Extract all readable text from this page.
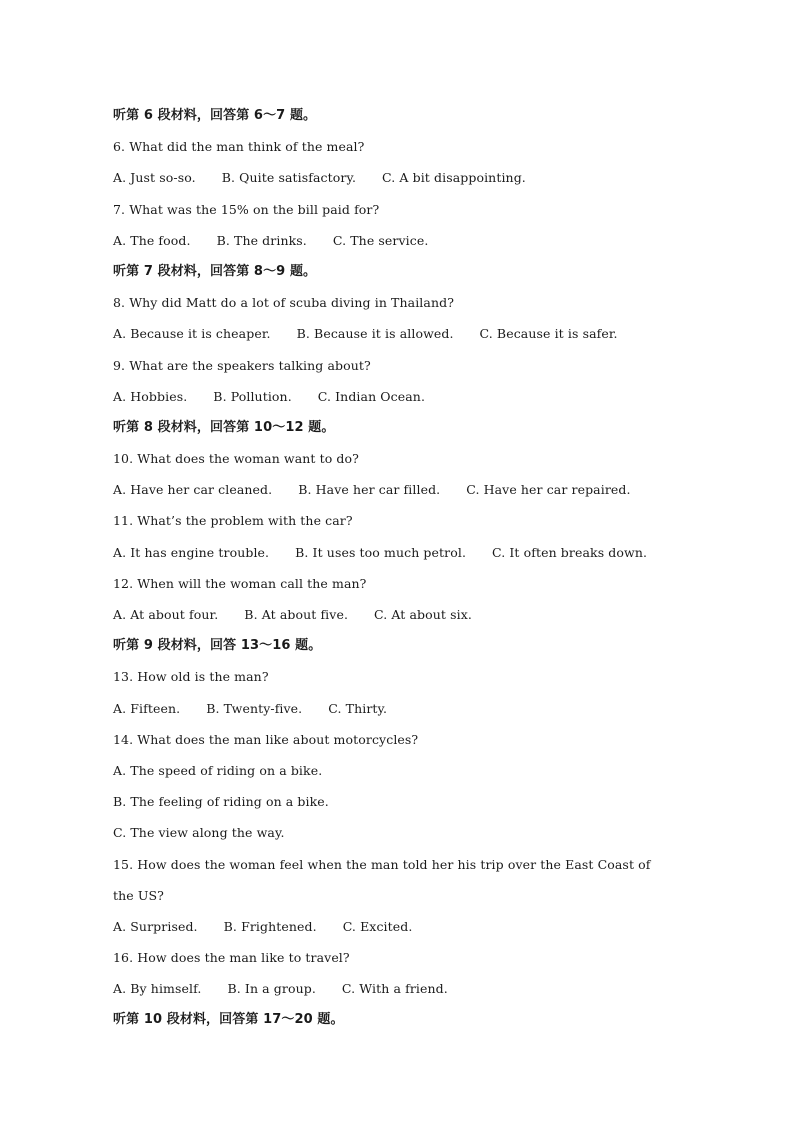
听第 6 段材料，回答第 6～7 题。
6. What did the man think of the meal?
A. Just so-so. B. Quite satisfactory. C. A bit disappointing.
7. What was the 15% on the bill paid for?
A. The food. B. The drinks. C. The service.
听第 7 段材料，回答第 8～9 题。
8. Why did Matt do a lot of scuba diving in Thailand?
A. Because it is cheaper. B. Because it is allowed. C. Because it is safer.
9. What are the speakers talking about?
A. Hobbies. B. Pollution. C. Indian Ocean.
听第 8 段材料，回答第 10～12 题。
10. What does the woman want to do?
A. Have her car cleaned. B. Have her car filled. C. Have her car repaired.
11. What’s the problem with the car?
A. It has engine trouble. B. It uses too much petrol. C. It often breaks down.
12. When will the woman call the man?
A. At about four. B. At about five. C. At about six.
听第 9 段材料，回答 13～16 题。
13. How old is the man?
A. Fifteen. B. Twenty-five. C. Thirty.
14. What does the man like about motorcycles?
A. The speed of riding on a bike.
B. The feeling of riding on a bike.
C. The view along the way.
15. How does the woman feel when the man told her his trip over the East Coast of
the US?
A. Surprised. B. Frightened. C. Excited.
16. How does the man like to travel?
A. By himself. B. In a group. C. With a friend.
听第 10 段材料，回答第 17～20 题。
